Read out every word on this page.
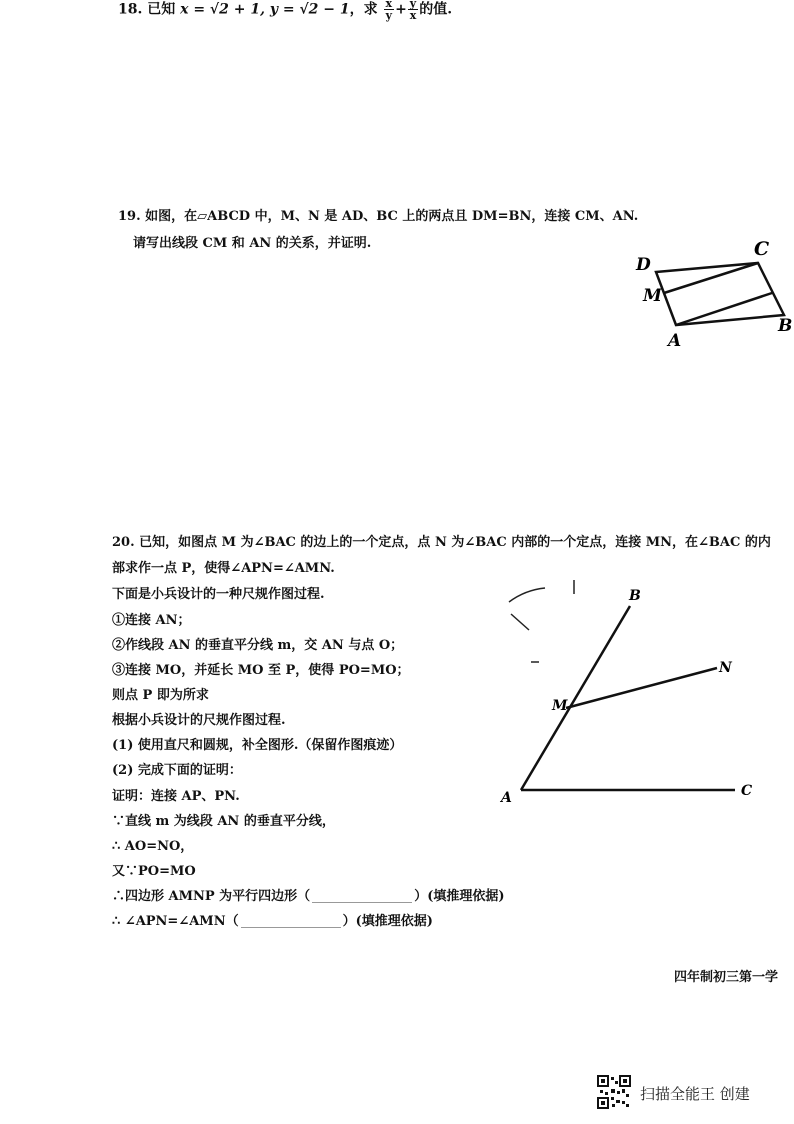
18. 已知 x = √2 + 1, y = √2 − 1，求 $\frac{x}{y} + \frac{y}{x}$ 的值.
19. 如图，在▱ABCD 中，M、N 是 AD、BC 上的两点且 DM=BN，连接 CM、AN.
请写出线段 CM 和 AN 的关系，并证明.
D
C
M
A
B
20. 已知，如图点 M 为∠BAC 的边上的一个定点，点 N 为∠BAC 内部的一个定点，连接 MN，在∠BAC 的内
部求作一点 P，使得∠APN=∠AMN.
下面是小兵设计的一种尺规作图过程.
①连接 AN；
②作线段 AN 的垂直平分线 m，交 AN 与点 O；
③连接 MO，并延长 MO 至 P，使得 PO=MO；
则点 P 即为所求
根据小兵设计的尺规作图过程.
(1) 使用直尺和圆规，补全图形.（保留作图痕迹）
(2) 完成下面的证明：
证明：连接 AP、PN.
∵直线 m 为线段 AN 的垂直平分线，
∴ AO=NO，
又∵PO=MO
∴四边形 AMNP 为平行四边形（	）(填推理依据)
∴ ∠APN=∠AMN（	）(填推理依据)
B
N
M
A	C
四年制初三第一学
扫描全能王 创建
